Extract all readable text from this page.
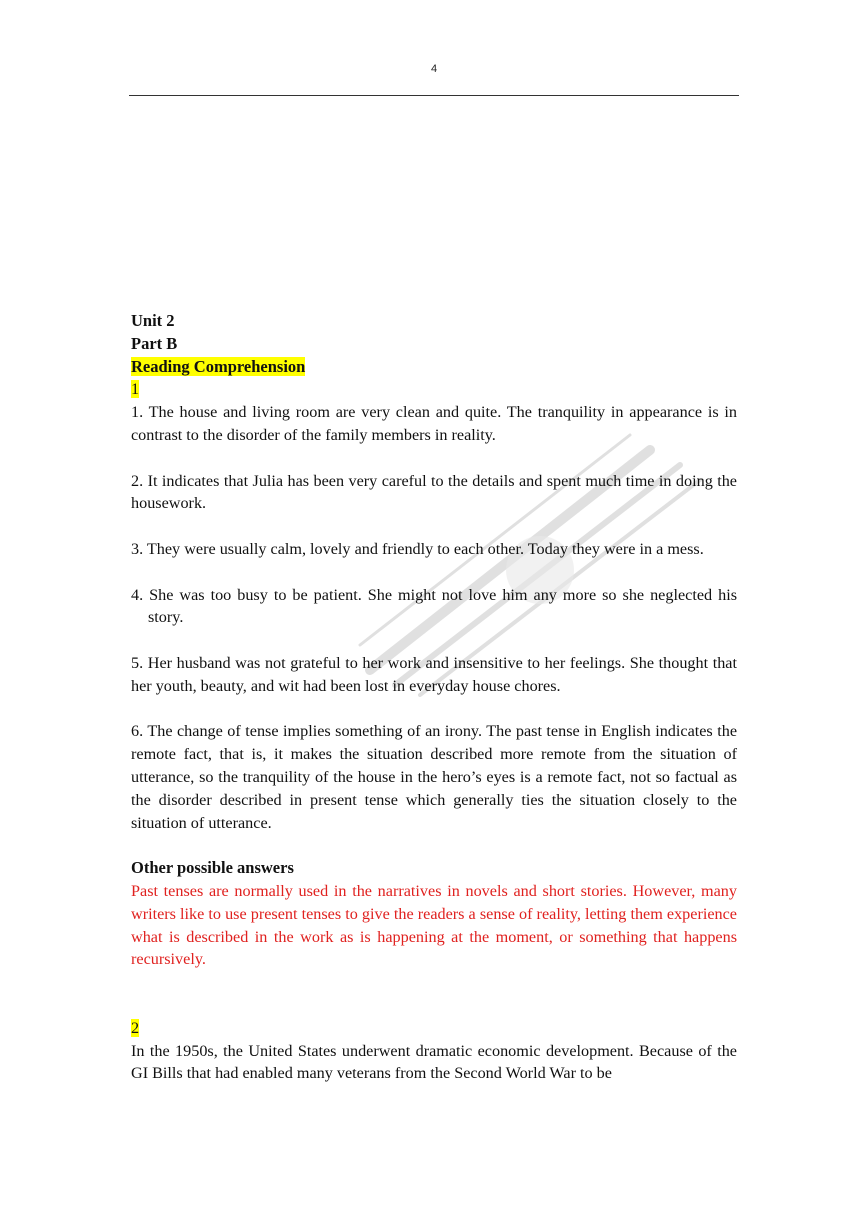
4
Unit 2
Part B
Reading Comprehension
1

1. The house and living room are very clean and quite. The tranquility in appearance is in contrast to the disorder of the family members in reality.

2. It indicates that Julia has been very careful to the details and spent much time in doing the housework.

3. They were usually calm, lovely and friendly to each other. Today they were in a mess.

4. She was too busy to be patient. She might not love him any more so she neglected his story.

5. Her husband was not grateful to her work and insensitive to her feelings. She thought that her youth, beauty, and wit had been lost in everyday house chores.

6. The change of tense implies something of an irony. The past tense in English indicates the remote fact, that is, it makes the situation described more remote from the situation of utterance, so the tranquility of the house in the hero’s eyes is a remote fact, not so factual as the disorder described in present tense which generally ties the situation closely to the situation of utterance.

Other possible answers

Past tenses are normally used in the narratives in novels and short stories. However, many writers like to use present tenses to give the readers a sense of reality, letting them experience what is described in the work as is happening at the moment, or something that happens recursively.

2

In the 1950s, the United States underwent dramatic economic development. Because of the GI Bills that had enabled many veterans from the Second World War to be
